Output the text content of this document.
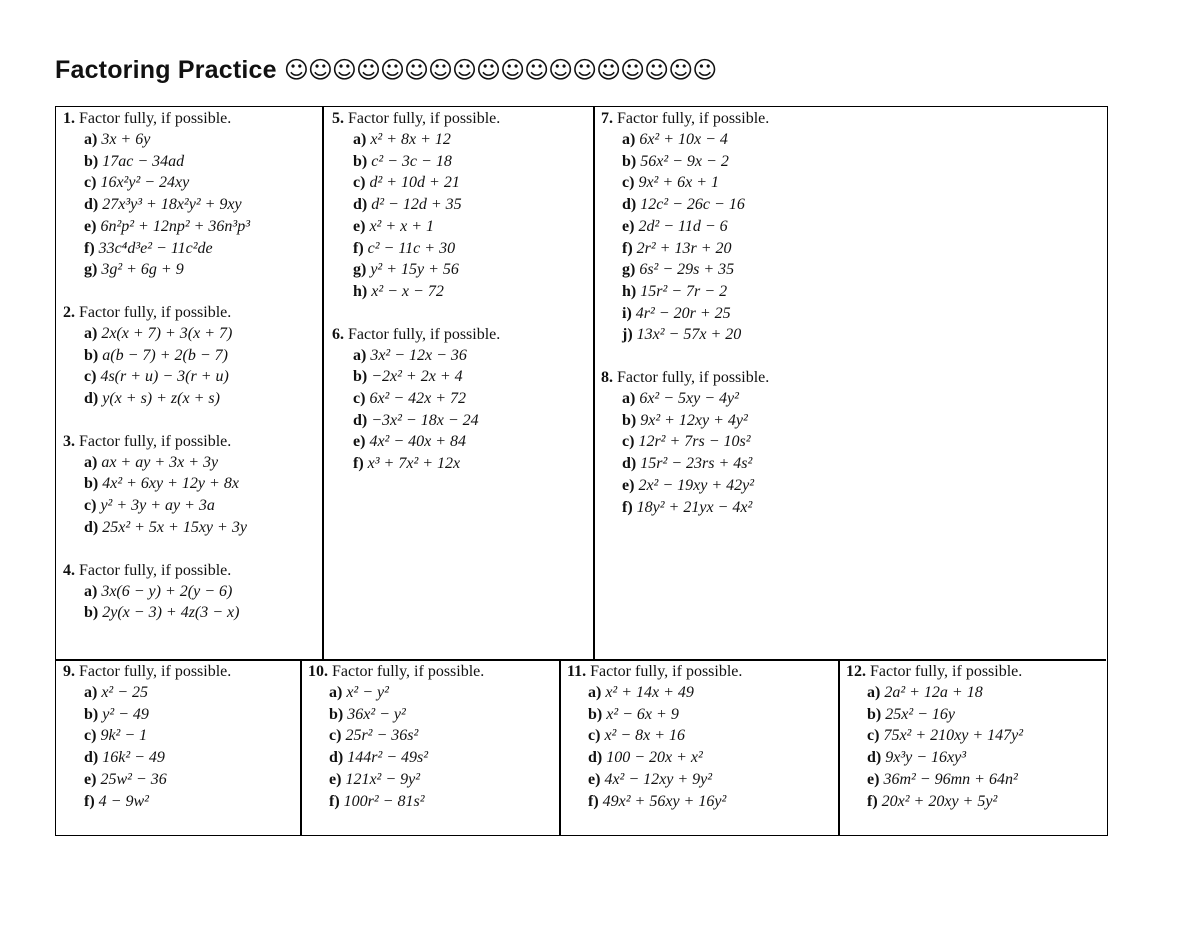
Factoring Practice ☺☺☺☺☺☺☺☺☺☺☺☺☺☺☺☺☺☺
1. Factor fully, if possible.
a) 3x + 6y
b) 17ac − 34ad
c) 16x²y² − 24xy
d) 27x³y³ + 18x²y² + 9xy
e) 6n²p² + 12np² + 36n³p³
f) 33c⁴d³e² − 11c²de
g) 3g² + 6g + 9
2. Factor fully, if possible.
a) 2x(x + 7) + 3(x + 7)
b) a(b − 7) + 2(b − 7)
c) 4s(r + u) − 3(r + u)
d) y(x + s) + z(x + s)
3. Factor fully, if possible.
a) ax + ay + 3x + 3y
b) 4x² + 6xy + 12y + 8x
c) y² + 3y + ay + 3a
d) 25x² + 5x + 15xy + 3y
4. Factor fully, if possible.
a) 3x(6 − y) + 2(y − 6)
b) 2y(x − 3) + 4z(3 − x)
5. Factor fully, if possible.
a) x² + 8x + 12
b) c² − 3c − 18
c) d² + 10d + 21
d) d² − 12d + 35
e) x² + x + 1
f) c² − 11c + 30
g) y² + 15y + 56
h) x² − x − 72
6. Factor fully, if possible.
a) 3x² − 12x − 36
b) −2x² + 2x + 4
c) 6x² − 42x + 72
d) −3x² − 18x − 24
e) 4x² − 40x + 84
f) x³ + 7x² + 12x
7. Factor fully, if possible.
a) 6x² + 10x − 4
b) 56x² − 9x − 2
c) 9x² + 6x + 1
d) 12c² − 26c − 16
e) 2d² − 11d − 6
f) 2r² + 13r + 20
g) 6s² − 29s + 35
h) 15r² − 7r − 2
i) 4r² − 20r + 25
j) 13x² − 57x + 20
8. Factor fully, if possible.
a) 6x² − 5xy − 4y²
b) 9x² + 12xy + 4y²
c) 12r² + 7rs − 10s²
d) 15r² − 23rs + 4s²
e) 2x² − 19xy + 42y²
f) 18y² + 21yx − 4x²
9. Factor fully, if possible.
a) x² − 25
b) y² − 49
c) 9k² − 1
d) 16k² − 49
e) 25w² − 36
f) 4 − 9w²
10. Factor fully, if possible.
a) x² − y²
b) 36x² − y²
c) 25r² − 36s²
d) 144r² − 49s²
e) 121x² − 9y²
f) 100r² − 81s²
11. Factor fully, if possible.
a) x² + 14x + 49
b) x² − 6x + 9
c) x² − 8x + 16
d) 100 − 20x + x²
e) 4x² − 12xy + 9y²
f) 49x² + 56xy + 16y²
12. Factor fully, if possible.
a) 2a² + 12a + 18
b) 25x² − 16y
c) 75x² + 210xy + 147y²
d) 9x³y − 16xy³
e) 36m² − 96mn + 64n²
f) 20x² + 20xy + 5y²
